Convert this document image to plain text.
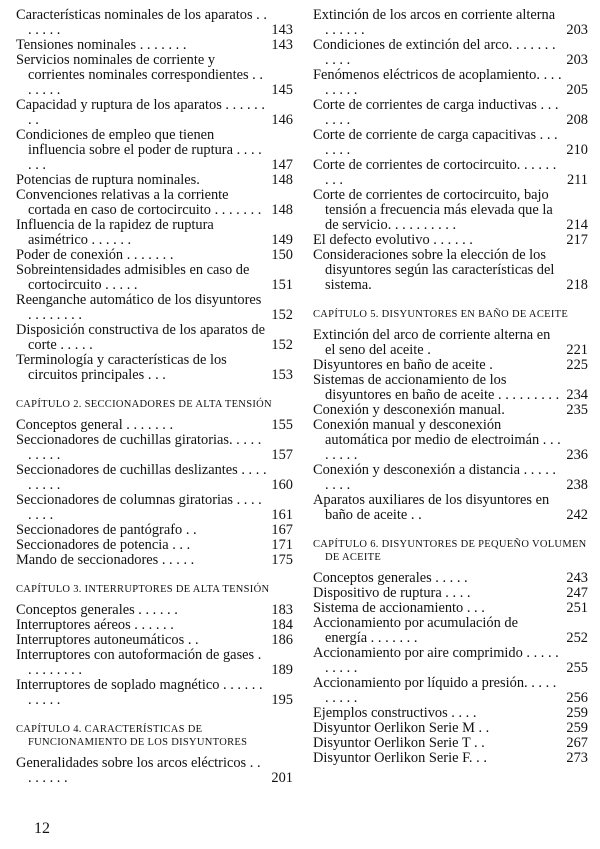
Características nominales de los aparatos . . . . . . .	143
Tensiones nominales . . . . . . .	143
Servicios nominales de corriente y corrientes nominales correspondientes . . . . . . .	145
Capacidad y ruptura de los aparatos . . . . . . . .	146
Condiciones de empleo que tienen influencia sobre el poder de ruptura . . . . . . .	147
Potencias de ruptura nominales.	148
Convenciones relativas a la corriente cortada en caso de cortocircuito . . . . . . . 148
Influencia de la rapidez de ruptura asimétrico . . . . . .	149
Poder de conexión . . . . . . .	150
Sobreintensidades admisibles en caso de cortocircuito . . . . .	151
Reenganche automático de los disyuntores . . . . . . . .	152
Disposición constructiva de los aparatos de corte . . . . .	152
Terminología y características de los circuitos principales . . .	153
CAPÍTULO 2. SECCIONADORES DE ALTA TENSIÓN
Conceptos general . . . . . . .	155
Seccionadores de cuchillas giratorias. . . . . . . . . .	157
Seccionadores de cuchillas deslizantes . . . . . . . . .	160
Seccionadores de columnas giratorias . . . . . . . .	161
Seccionadores de pantógrafo . .	167
Seccionadores de potencia . . .	171
Mando de seccionadores . . . . .	175
CAPÍTULO 3. INTERRUPTORES DE ALTA TENSIÓN
Conceptos generales . . . . . .	183
Interruptores aéreos . . . . . .	184
Interruptores autoneumáticos . .	186
Interruptores con autoformación de gases . . . . . . . . .	189
Interruptores de soplado magnético . . . . . . . . . . .	195
CAPÍTULO 4. CARACTERÍSTICAS DE FUNCIONAMIENTO DE LOS DISYUNTORES
Generalidades sobre los arcos eléctricos . . . . . . . .	201
Extinción de los arcos en corriente alterna . . . . . .	203
Condiciones de extinción del arco. . . . . . . . . . .	203
Fenómenos eléctricos de acoplamiento. . . . . . . . .	205
Corte de corrientes de carga inductivas . . . . . . .	208
Corte de corriente de carga capacitivas . . . . . . .	210
Corte de corrientes de cortocircuito. . . . . . . . .	211
Corte de corrientes de cortocircuito, bajo tensión a frecuencia más elevada que la de servicio. . . . . . . . . .	214
El defecto evolutivo . . . . . .	217
Consideraciones sobre la elección de los disyuntores según las características del sistema.	218
CAPÍTULO 5. DISYUNTORES EN BAÑO DE ACEITE
Extinción del arco de corriente alterna en el seno del aceite .	221
Disyuntores en baño de aceite .	225
Sistemas de accionamiento de los disyuntores en baño de aceite . . . . . . . . . 234
Conexión y desconexión manual.	235
Conexión manual y desconexión automática por medio de electroimán . . . . . . . .	236
Conexión y desconexión a distancia . . . . . . . . .	238
Aparatos auxiliares de los disyuntores en baño de aceite . .	242
CAPÍTULO 6. DISYUNTORES DE PEQUEÑO VOLUMEN DE ACEITE
Conceptos generales . . . . .	243
Dispositivo de ruptura . . . .	247
Sistema de accionamiento . . .	251
Accionamiento por acumulación de energía . . . . . . .	252
Accionamiento por aire comprimido . . . . . . . . . .	255
Accionamiento por líquido a presión. . . . . . . . . .	256
Ejemplos constructivos . . . .	259
Disyuntor Oerlikon Serie M . .	259
Disyuntor Oerlikon Serie T . .	267
Disyuntor Oerlikon Serie F. . .	273
12
